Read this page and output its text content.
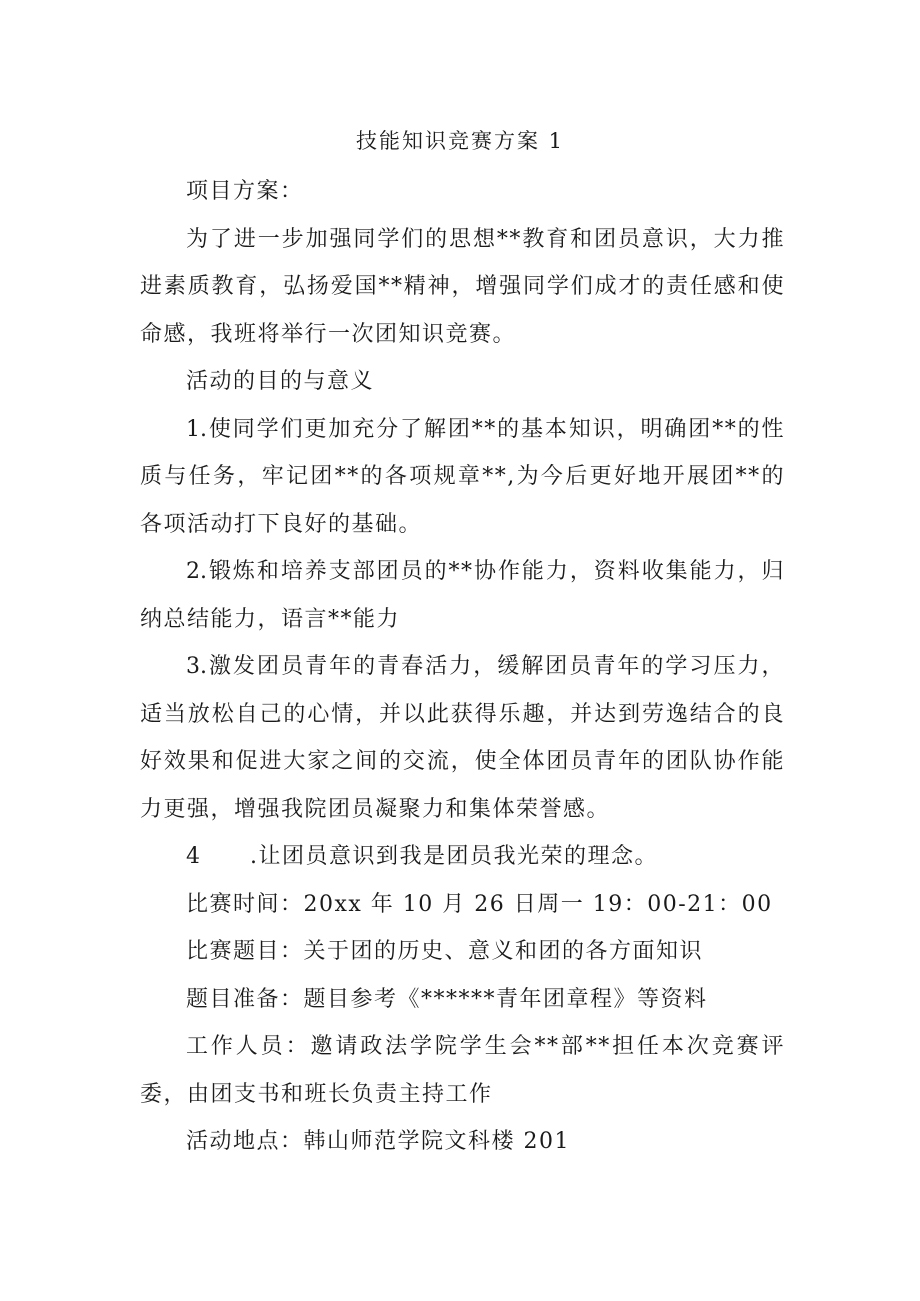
技能知识竞赛方案 1

项目方案：

为了进一步加强同学们的思想**教育和团员意识，大力推进素质教育，弘扬爱国**精神，增强同学们成才的责任感和使命感，我班将举行一次团知识竞赛。

活动的目的与意义

1.使同学们更加充分了解团**的基本知识，明确团**的性质与任务，牢记团**的各项规章**,为今后更好地开展团**的各项活动打下良好的基础。

2.锻炼和培养支部团员的**协作能力，资料收集能力，归纳总结能力，语言**能力

3.激发团员青年的青春活力，缓解团员青年的学习压力，适当放松自己的心情，并以此获得乐趣，并达到劳逸结合的良好效果和促进大家之间的交流，使全体团员青年的团队协作能力更强，增强我院团员凝聚力和集体荣誉感。

4 .让团员意识到我是团员我光荣的理念。

比赛时间：20xx 年 10 月 26 日周一 19：00-21：00

比赛题目：关于团的历史、意义和团的各方面知识

题目准备：题目参考《******青年团章程》等资料

工作人员：邀请政法学院学生会**部**担任本次竞赛评委，由团支书和班长负责主持工作

活动地点：韩山师范学院文科楼 201
